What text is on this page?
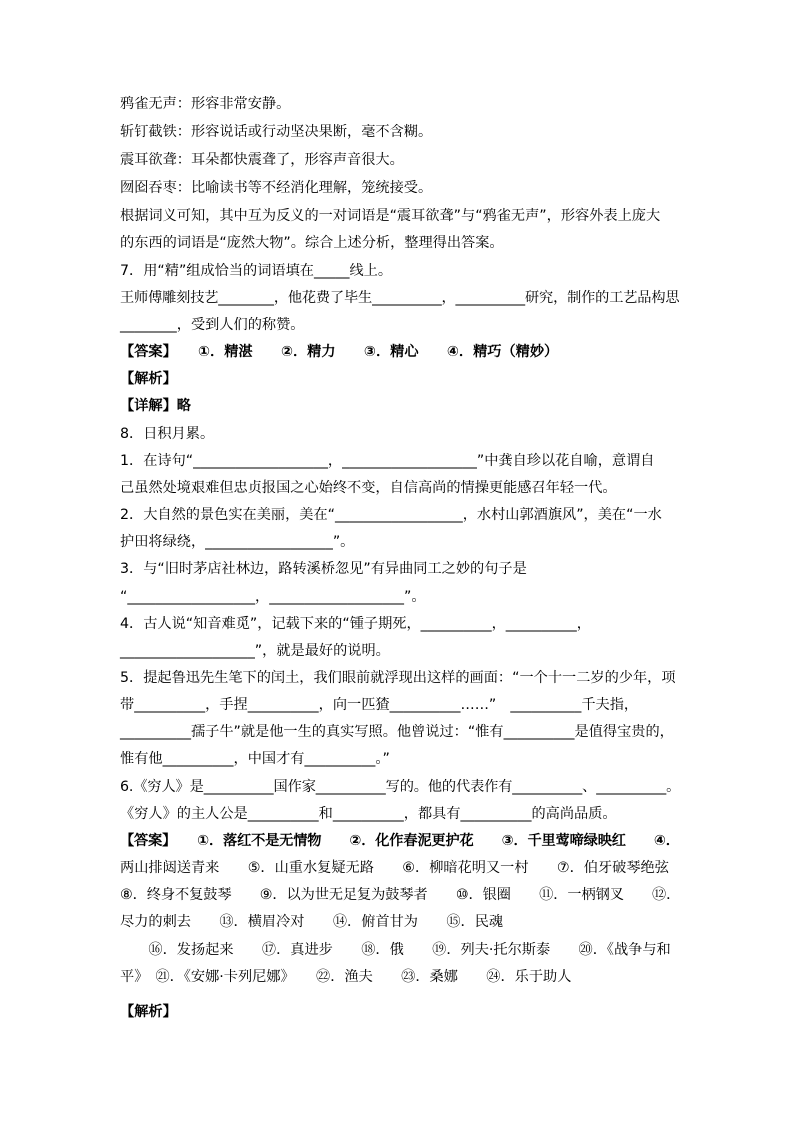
鸦雀无声：形容非常安静。
斩钉截铁：形容说话或行动坚决果断，毫不含糊。
震耳欲聋：耳朵都快震聋了，形容声音很大。
囫囵吞枣：比喻读书等不经消化理解，笼统接受。
根据词义可知，其中互为反义的一对词语是“震耳欲聋”与“鸦雀无声”，形容外表上庞大
的东西的词语是“庞然大物”。综合上述分析，整理得出答案。
7．用“精”组成恰当的词语填在_____线上。
王师傅雕刻技艺________，他花费了毕生__________，__________研究，制作的工艺品构思
________，受到人们的称赞。
【答案】　　①．精湛　　②．精力　　③．精心　　④．精巧（精妙）
【解析】
【详解】略
8．日积月累。
1．在诗句“___________________，___________________”中龚自珍以花自喻，意谓自
己虽然处境艰难但忠贞报国之心始终不变，自信高尚的情操更能感召年轻一代。
2．大自然的景色实在美丽，美在“__________________，水村山郭酒旗风”，美在“一水
护田将绿绕，__________________”。
3．与“旧时茅店社林边，路转溪桥忽见”有异曲同工之妙的句子是
“__________________，___________________”。
4．古人说“知音难觅”，记载下来的“锺子期死，__________，__________，
___________________”，就是最好的说明。
5．提起鲁迅先生笔下的闰土，我们眼前就浮现出这样的画面：“一个十一二岁的少年，项
带__________，手捏__________，向一匹猹__________……”　__________千夫指，
__________孺子牛”就是他一生的真实写照。他曾说过：“惟有__________是值得宝贵的，
惟有他__________，中国才有__________。”
6.《穷人》是__________国作家__________写的。他的代表作有__________、__________。
《穷人》的主人公是__________和__________，都具有__________的高尚品质。
【答案】　　①．落红不是无情物　　②．化作春泥更护花　　③．千里莺啼绿映红　　④．
两山排闼送青来　　⑤．山重水复疑无路　　⑥．柳暗花明又一村　　⑦．伯牙破琴绝弦
⑧．终身不复鼓琴　　⑨．以为世无足复为鼓琴者　　⑩．银圈　　⑪．一柄钢叉　　⑫．
尽力的刺去　　⑬．横眉冷对　　⑭．俯首甘为　　⑮．民魂
　　⑯．发扬起来　　⑰．真进步　　⑱．俄　　⑲．列夫·托尔斯泰　　⑳．《战争与和
平》　㉑．《安娜·卡列尼娜》　　㉒．渔夫　　㉓．桑娜　　㉔．乐于助人
【解析】
